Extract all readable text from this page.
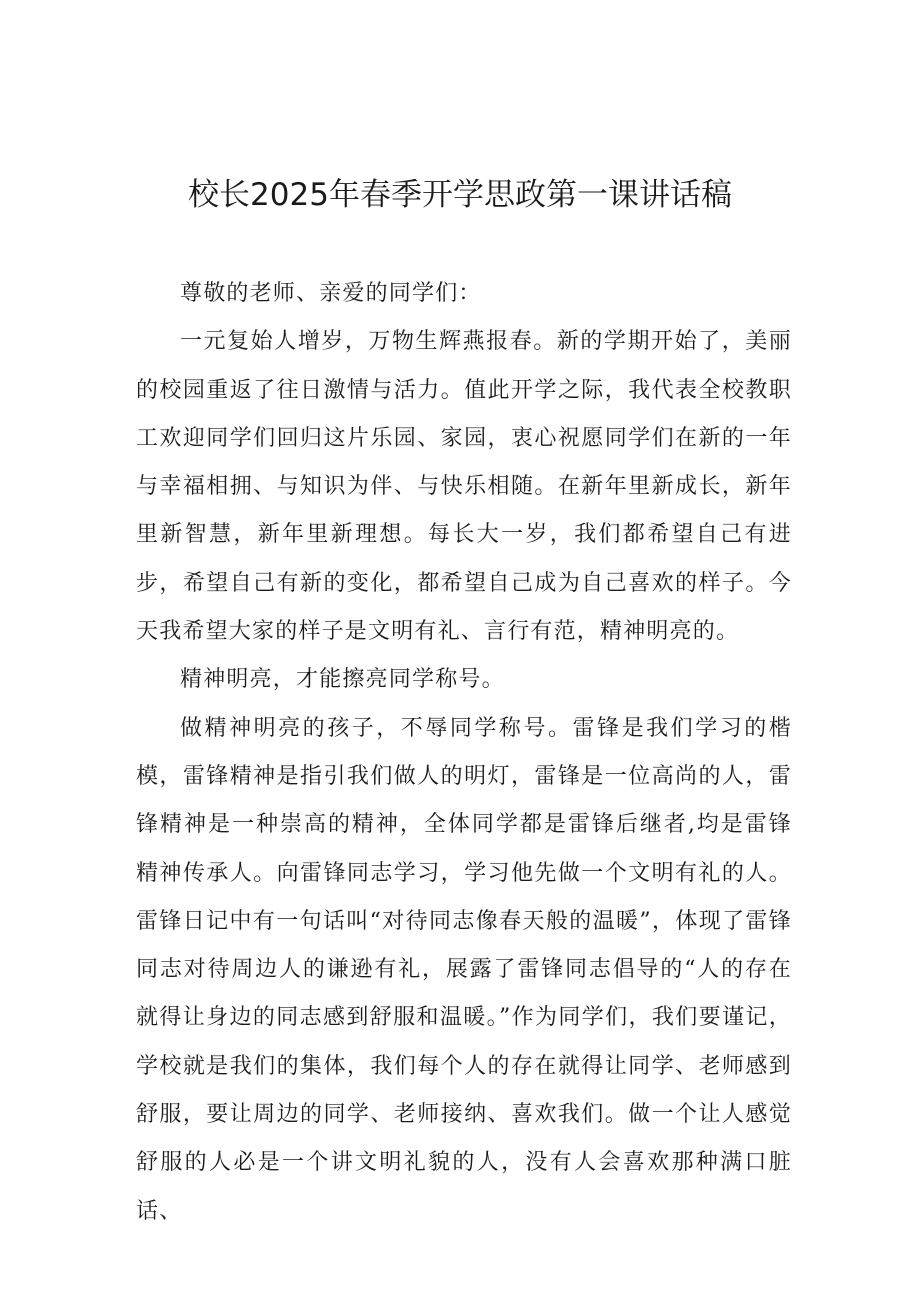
校长2025年春季开学思政第一课讲话稿

尊敬的老师、亲爱的同学们：

一元复始人增岁，万物生辉燕报春。新的学期开始了，美丽的校园重返了往日激情与活力。值此开学之际，我代表全校教职工欢迎同学们回归这片乐园、家园，衷心祝愿同学们在新的一年与幸福相拥、与知识为伴、与快乐相随。在新年里新成长，新年里新智慧，新年里新理想。每长大一岁，我们都希望自己有进步，希望自己有新的变化，都希望自己成为自己喜欢的样子。今天我希望大家的样子是文明有礼、言行有范，精神明亮的。

精神明亮，才能擦亮同学称号。

做精神明亮的孩子，不辱同学称号。雷锋是我们学习的楷模，雷锋精神是指引我们做人的明灯，雷锋是一位高尚的人，雷锋精神是一种崇高的精神，全体同学都是雷锋后继者,均是雷锋精神传承人。向雷锋同志学习，学习他先做一个文明有礼的人。雷锋日记中有一句话叫“对待同志像春天般的温暖”，体现了雷锋同志对待周边人的谦逊有礼，展露了雷锋同志倡导的“人的存在就得让身边的同志感到舒服和温暖。”作为同学们，我们要谨记，学校就是我们的集体，我们每个人的存在就得让同学、老师感到舒服，要让周边的同学、老师接纳、喜欢我们。做一个让人感觉舒服的人必是一个讲文明礼貌的人，没有人会喜欢那种满口脏话、
